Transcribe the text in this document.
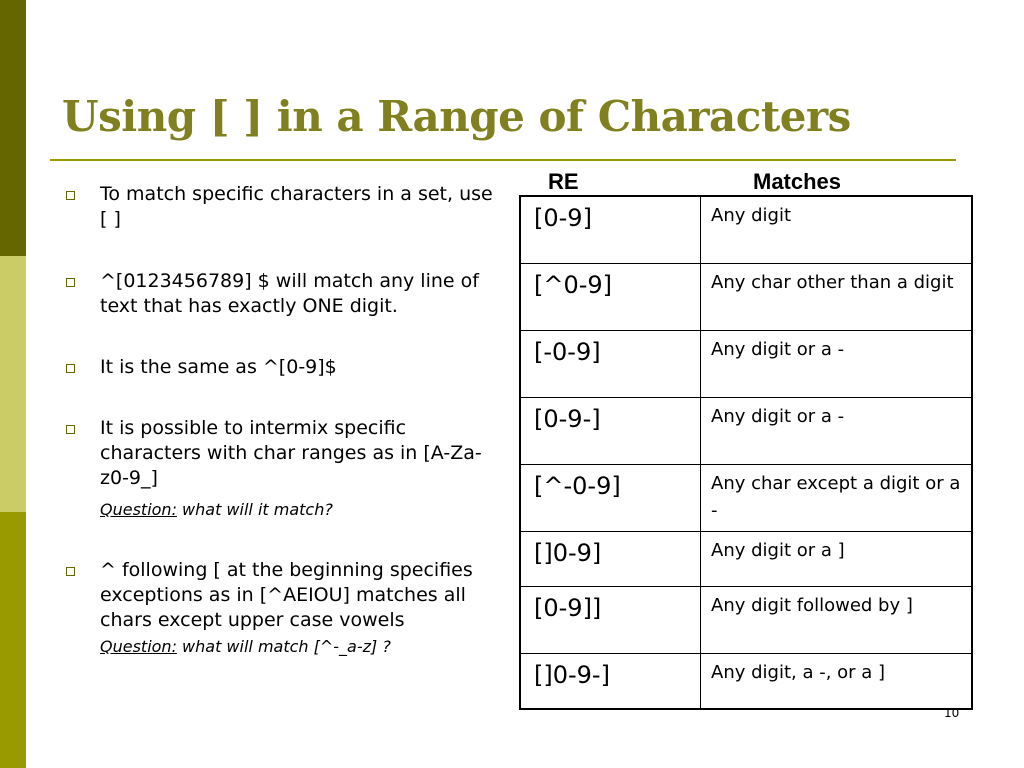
Using [ ] in a Range of Characters
To match specific characters in a set, use [ ]
^[0123456789] $ will match any line of text that has exactly ONE digit.
It is the same as ^[0-9]$
It is possible to intermix specific characters with char ranges as in [A-Za-z0-9_]
Question: what will it match?
^ following [ at the beginning specifies exceptions as in [^AEIOU] matches all chars except upper case vowels
Question: what will match [^-_a-z] ?
RE	Matches
[0-9]	Any digit
[^0-9]	Any char other than a digit
[-0-9]	Any digit or a -
[0-9-]	Any digit or a -
[^-0-9]	Any char except a digit or a -
[]0-9]	Any digit or a ]
[0-9]]	Any digit followed by ]
[]0-9-]	Any digit, a -, or a ]
10
